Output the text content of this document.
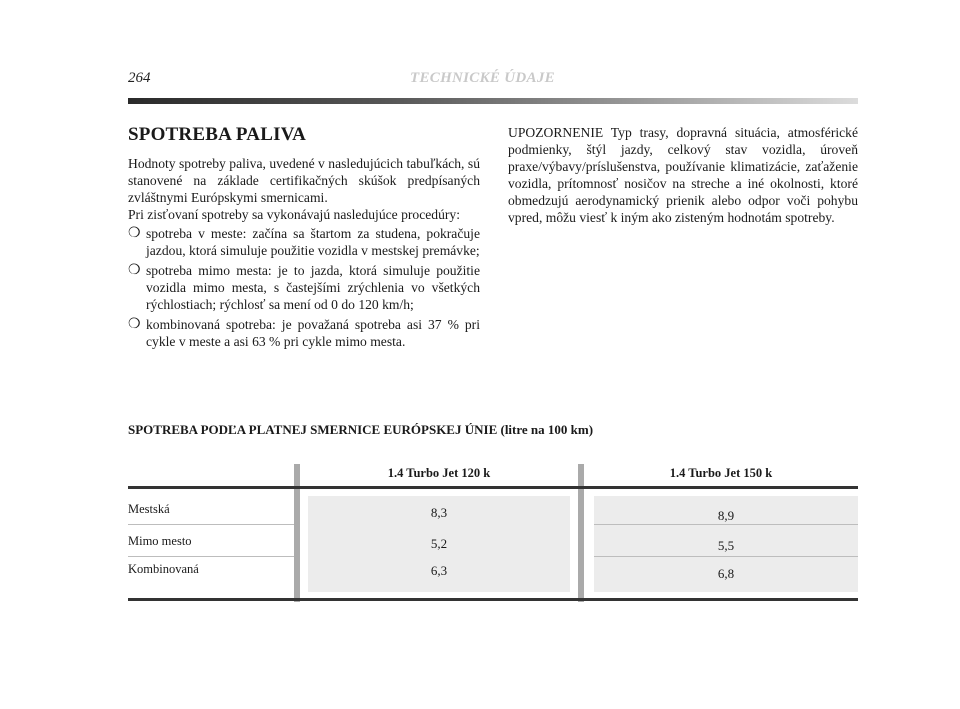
264	TECHNICKÉ ÚDAJE
SPOTREBA PALIVA

Hodnoty spotreby paliva, uvedené v nasledujúcich tabuľkách, sú stanovené na základe certifikačných skúšok predpísaných zvláštnymi Európskymi smernicami.

Pri zisťovaní spotreby sa vykonávajú nasledujúce procedúry:

❍ spotreba v meste: začína sa štartom za studena, pokračuje jazdou, ktorá simuluje použitie vozidla v mestskej premávke;
❍ spotreba mimo mesta: je to jazda, ktorá simuluje použitie vozidla mimo mesta, s častejšími zrýchlenia vo všetkých rýchlostiach; rýchlosť sa mení od 0 do 120 km/h;
❍ kombinovaná spotreba: je považaná spotreba asi 37 % pri cykle v meste a asi 63 % pri cykle mimo mesta.

UPOZORNENIE Typ trasy, dopravná situácia, atmosférické podmienky, štýl jazdy, celkový stav vozidla, úroveň praxe/výbavy/príslušenstva, používanie klimatizácie, zaťaženie vozidla, prítomnosť nosičov na streche a iné okolnosti, ktoré obmedzujú aerodynamický prienik alebo odpor voči pohybu vpred, môžu viesť k iným ako zisteným hodnotám spotreby.

SPOTREBA PODĽA PLATNEJ SMERNICE EURÓPSKEJ ÚNIE (litre na 100 km)
1.4 Turbo Jet 120 k	1.4 Turbo Jet 150 k
Mestská
Mimo mesto
Kombinovaná
8,3
5,2
6,3
8,9
5,5
6,8
